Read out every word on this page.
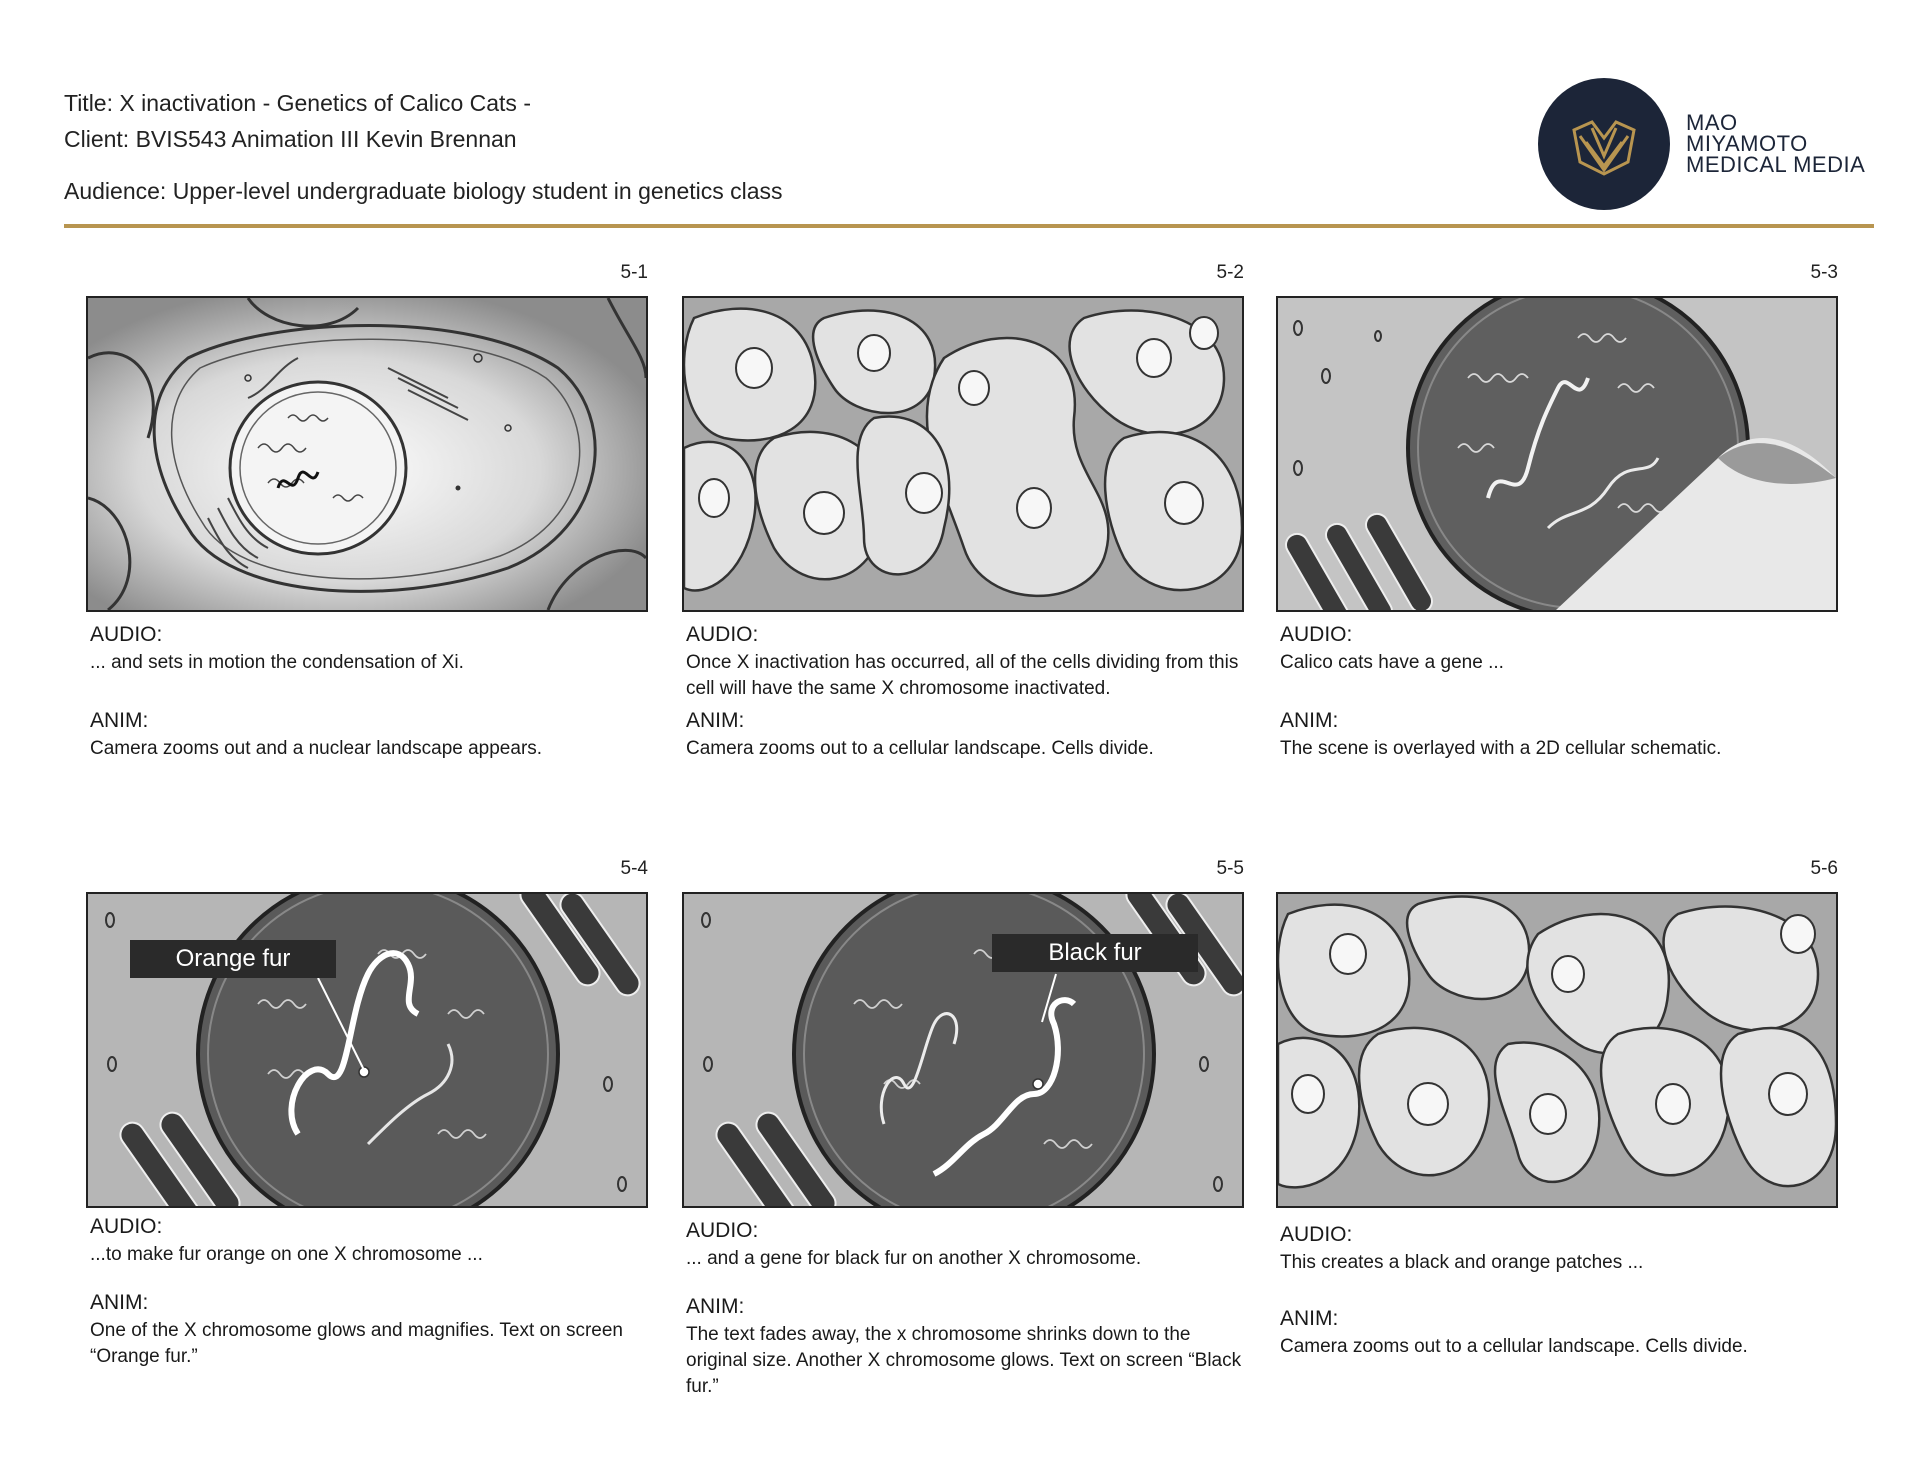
Title: X inactivation - Genetics of Calico Cats -
Client: BVIS543 Animation III Kevin Brennan
Audience: Upper-level undergraduate biology student in genetics class
MAO
MIYAMOTO
MEDICAL MEDIA
5-1
AUDIO:
... and sets in motion the condensation of Xi.
ANIM:
Camera zooms out and a nuclear landscape appears.
5-2
AUDIO:
Once X inactivation has occurred, all of the cells dividing from this cell will have the same X chromosome inactivated.
ANIM:
Camera zooms out to a cellular landscape. Cells divide.
5-3
AUDIO:
Calico cats have a gene ...
ANIM:
The scene is overlayed with a 2D cellular schematic.
5-4
Orange fur
AUDIO:
...to make fur orange on one X chromosome ...
ANIM:
One of the X chromosome glows and magnifies. Text on screen “Orange fur.”
5-5
Black fur
AUDIO:
... and a gene for black fur on another X chromosome.
ANIM:
The text fades away, the x chromosome shrinks down to the original size. Another X chromosome glows. Text on screen “Black fur.”
5-6
AUDIO:
This creates a black and orange patches ...
ANIM:
Camera zooms out to a cellular landscape. Cells divide.
